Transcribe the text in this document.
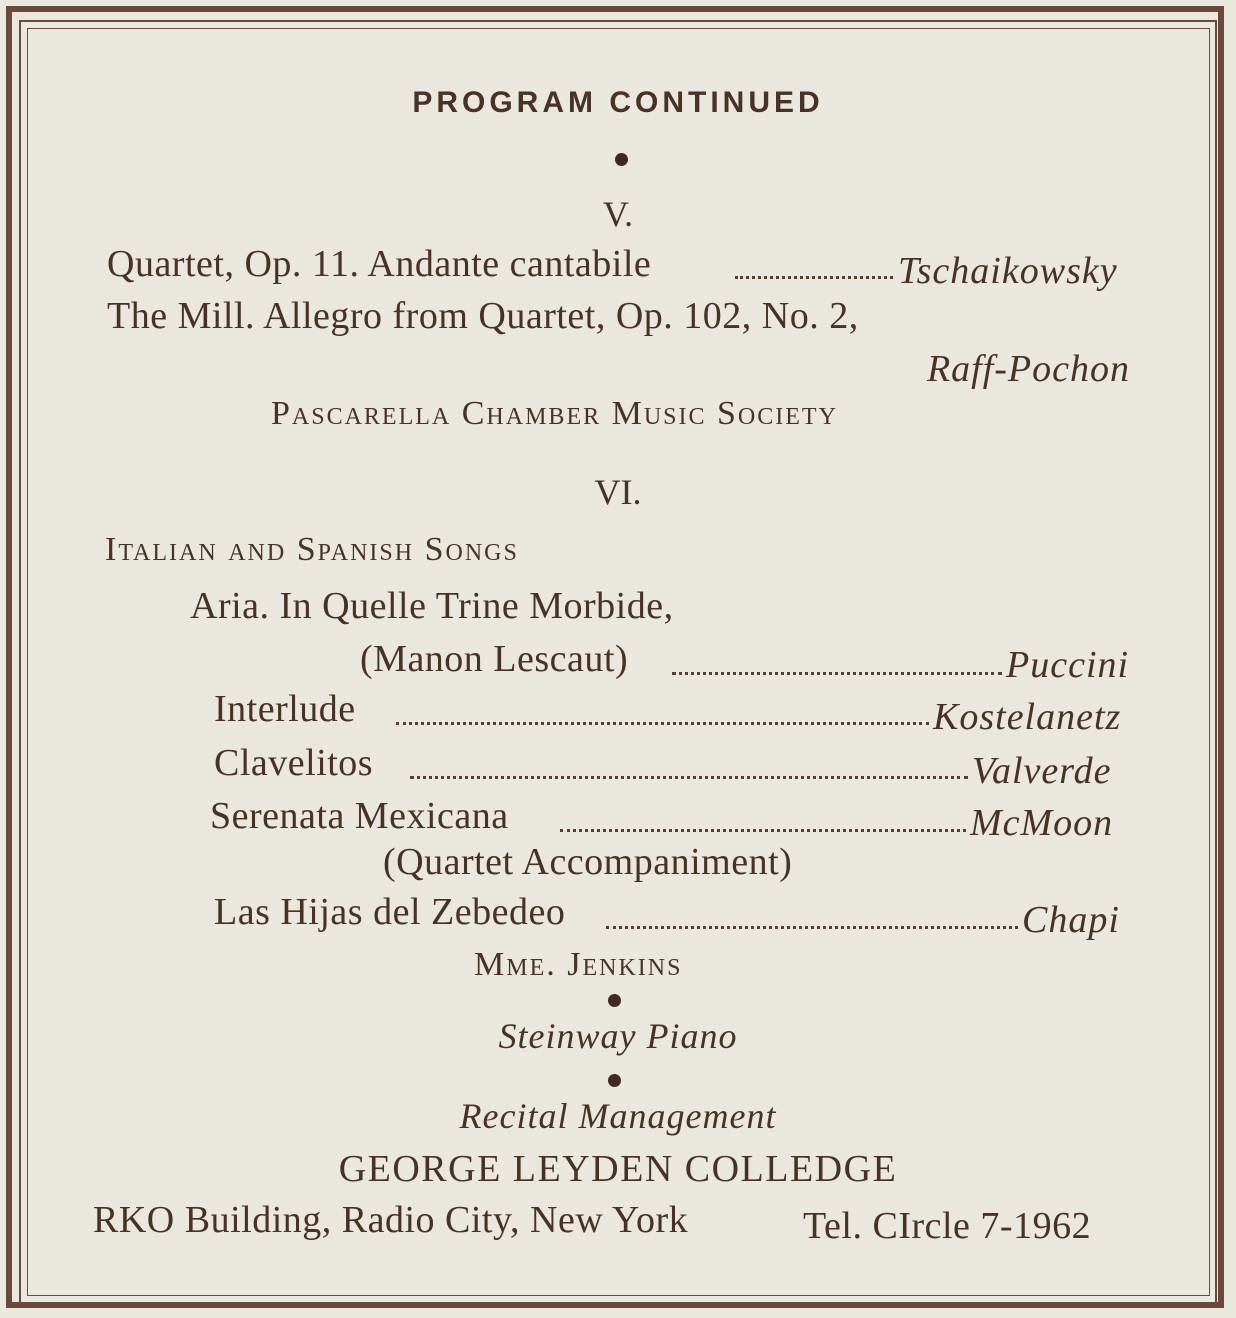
PROGRAM CONTINUED
V.
Quartet, Op. 11. Andante cantabile	Tschaikowsky
The Mill. Allegro from Quartet, Op. 102, No. 2,
Raff-Pochon
Pascarella Chamber Music Society
VI.
Italian and Spanish Songs
Aria. In Quelle Trine Morbide,
(Manon Lescaut)	Puccini
Interlude	Kostelanetz
Clavelitos	Valverde
Serenata Mexicana	McMoon
(Quartet Accompaniment)
Las Hijas del Zebedeo	Chapi
Mme. Jenkins
Steinway Piano
Recital Management
GEORGE LEYDEN COLLEDGE
RKO Building, Radio City, New York	Tel. CIrcle 7-1962
